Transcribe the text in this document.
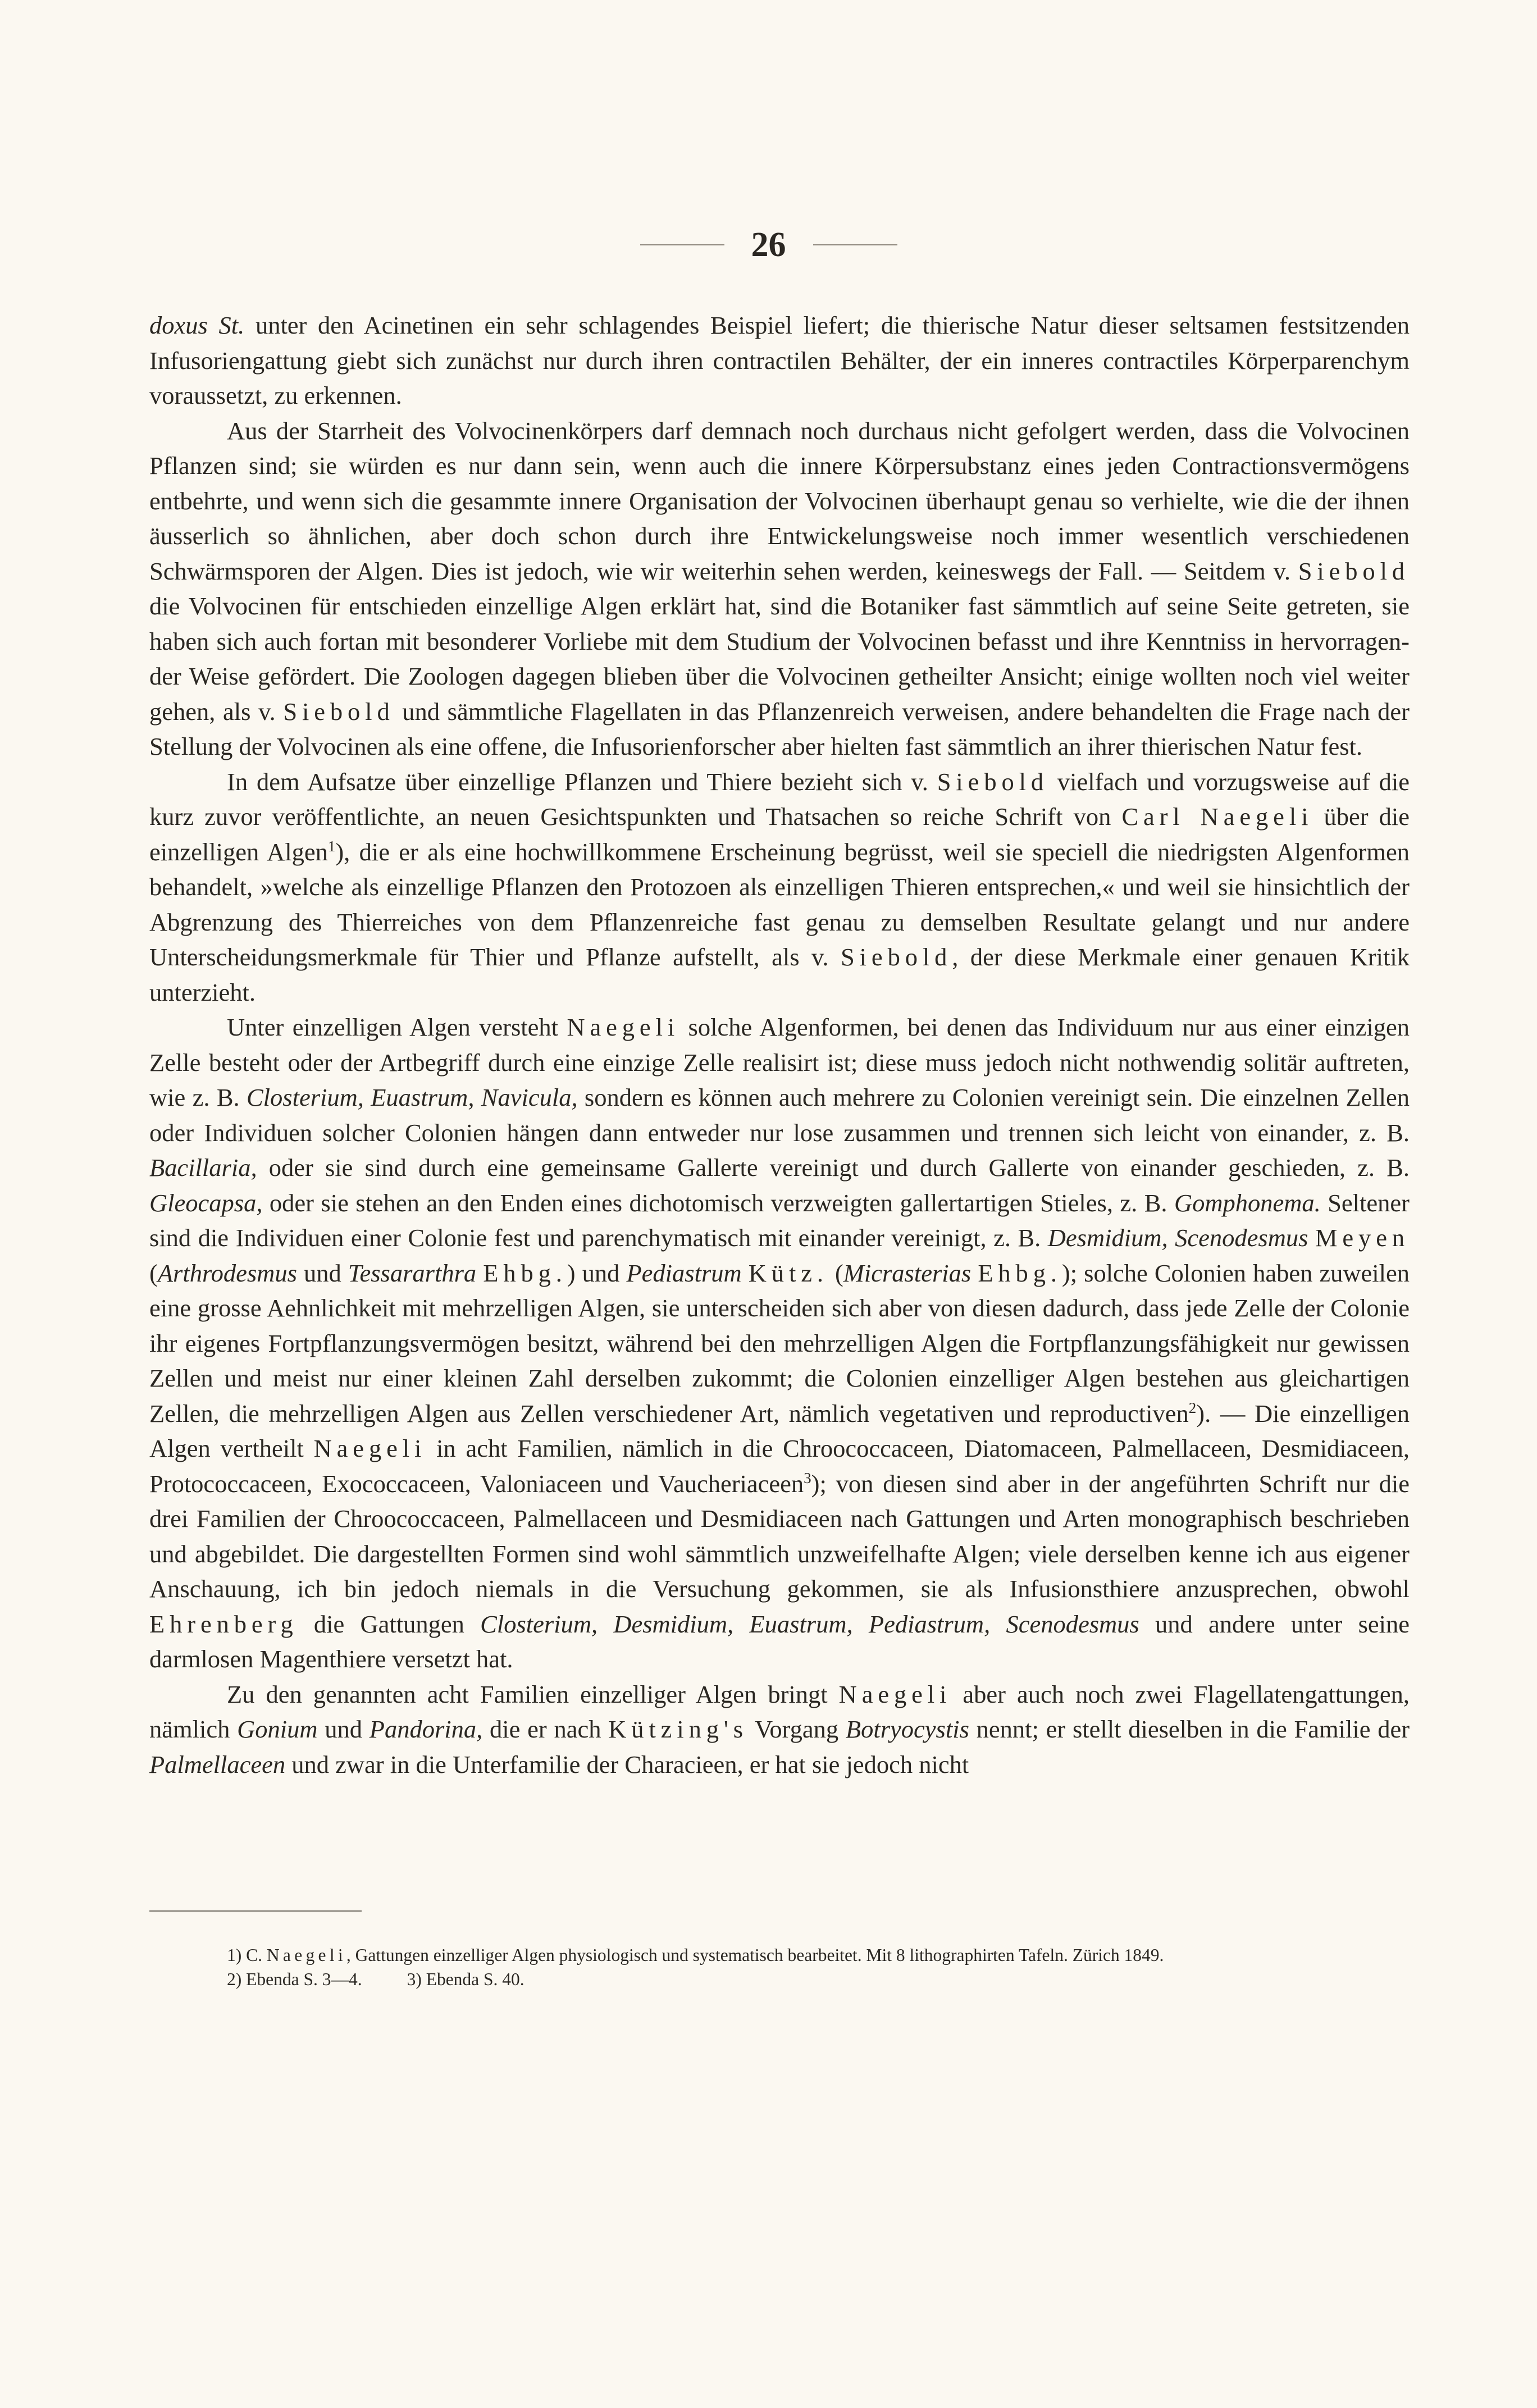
26

doxus St. unter den Acinetinen ein sehr schlagendes Beispiel liefert; die thierische Natur dieser seltsamen festsitzenden Infusoriengattung giebt sich zunächst nur durch ihren contractilen Behälter, der ein inneres contractiles Körperparenchym voraussetzt, zu erkennen.

Aus der Starrheit des Volvocinenkörpers darf demnach noch durchaus nicht gefolgert werden, dass die Volvocinen Pflanzen sind; sie würden es nur dann sein, wenn auch die innere Körpersubstanz eines jeden Contractionsvermögens entbehrte, und wenn sich die gesammte innere Organisation der Volvocinen überhaupt genau so verhielte, wie die der ihnen äusserlich so ähnlichen, aber doch schon durch ihre Entwickelungsweise noch immer wesentlich verschiedenen Schwärmsporen der Algen. Dies ist jedoch, wie wir weiterhin sehen werden, keineswegs der Fall. — Seitdem v. Siebold die Volvocinen für entschieden einzellige Algen erklärt hat, sind die Botaniker fast sämmtlich auf seine Seite getreten, sie haben sich auch fortan mit besonderer Vorliebe mit dem Studium der Volvocinen befasst und ihre Kenntniss in hervorragender Weise gefördert. Die Zoologen dagegen blieben über die Volvocinen getheilter Ansicht; einige wollten noch viel weiter gehen, als v. Siebold und sämmtliche Flagellaten in das Pflanzenreich verweisen, andere behandelten die Frage nach der Stellung der Volvocinen als eine offene, die Infusorienforscher aber hielten fast sämmtlich an ihrer thierischen Natur fest.

In dem Aufsatze über einzellige Pflanzen und Thiere bezieht sich v. Siebold vielfach und vorzugsweise auf die kurz zuvor veröffentlichte, an neuen Gesichtspunkten und Thatsachen so reiche Schrift von Carl Naegeli über die einzelligen Algen$^1$), die er als eine hochwillkommene Erscheinung begrüsst, weil sie speciell die niedrigsten Algenformen behandelt, »welche als einzellige Pflanzen den Protozoen als einzelligen Thieren entsprechen,« und weil sie hinsichtlich der Abgrenzung des Thierreiches von dem Pflanzenreiche fast genau zu demselben Resultate gelangt und nur andere Unterscheidungsmerkmale für Thier und Pflanze aufstellt, als v. Siebold, der diese Merkmale einer genauen Kritik unterzieht.

Unter einzelligen Algen versteht Naegeli solche Algenformen, bei denen das Individuum nur aus einer einzigen Zelle besteht oder der Artbegriff durch eine einzige Zelle realisirt ist; diese muss jedoch nicht nothwendig solitär auftreten, wie z. B. Closterium, Euastrum, Navicula, sondern es können auch mehrere zu Colonien vereinigt sein. Die einzelnen Zellen oder Individuen solcher Colonien hängen dann entweder nur lose zusammen und trennen sich leicht von einander, z. B. Bacillaria, oder sie sind durch eine gemeinsame Gallerte vereinigt und durch Gallerte von einander geschieden, z. B. Gleocapsa, oder sie stehen an den Enden eines dichotomisch verzweigten gallertartigen Stieles, z. B. Gomphonema. Seltener sind die Individuen einer Colonie fest und parenchymatisch mit einander vereinigt, z. B. Desmidium, Scenodesmus Meyen (Arthrodesmus und Tessararthra Ehbg.) und Pediastrum Kütz. (Micrasterias Ehbg.); solche Colonien haben zuweilen eine grosse Aehnlichkeit mit mehrzelligen Algen, sie unterscheiden sich aber von diesen dadurch, dass jede Zelle der Colonie ihr eigenes Fortpflanzungsvermögen besitzt, während bei den mehrzelligen Algen die Fortpflanzungsfähigkeit nur gewissen Zellen und meist nur einer kleinen Zahl derselben zukommt; die Colonien einzelliger Algen bestehen aus gleichartigen Zellen, die mehrzelligen Algen aus Zellen verschiedener Art, nämlich vegetativen und reproductiven$^2$). — Die einzelligen Algen vertheilt Naegeli in acht Familien, nämlich in die Chroococcaceen, Diatomaceen, Palmellaceen, Desmidiaceen, Protococcaceen, Exococcaceen, Valoniaceen und Vaucheriaceen$^3$); von diesen sind aber in der angeführten Schrift nur die drei Familien der Chroococcaceen, Palmellaceen und Desmidiaceen nach Gattungen und Arten monographisch beschrieben und abgebildet. Die dargestellten Formen sind wohl sämmtlich unzweifelhafte Algen; viele derselben kenne ich aus eigener Anschauung, ich bin jedoch niemals in die Versuchung gekommen, sie als Infusionsthiere anzusprechen, obwohl Ehrenberg die Gattungen Closterium, Desmidium, Euastrum, Pediastrum, Scenodesmus und andere unter seine darmlosen Magenthiere versetzt hat.

Zu den genannten acht Familien einzelliger Algen bringt Naegeli aber auch noch zwei Flagellatengattungen, nämlich Gonium und Pandorina, die er nach Kützing's Vorgang Botryocystis nennt; er stellt dieselben in die Familie der Palmellaceen und zwar in die Unterfamilie der Characieen, er hat sie jedoch nicht

1) C. Naegeli, Gattungen einzelliger Algen physiologisch und systematisch bearbeitet. Mit 8 lithographirten Tafeln. Zürich 1849.

2) Ebenda S. 3—4.	3) Ebenda S. 40.
